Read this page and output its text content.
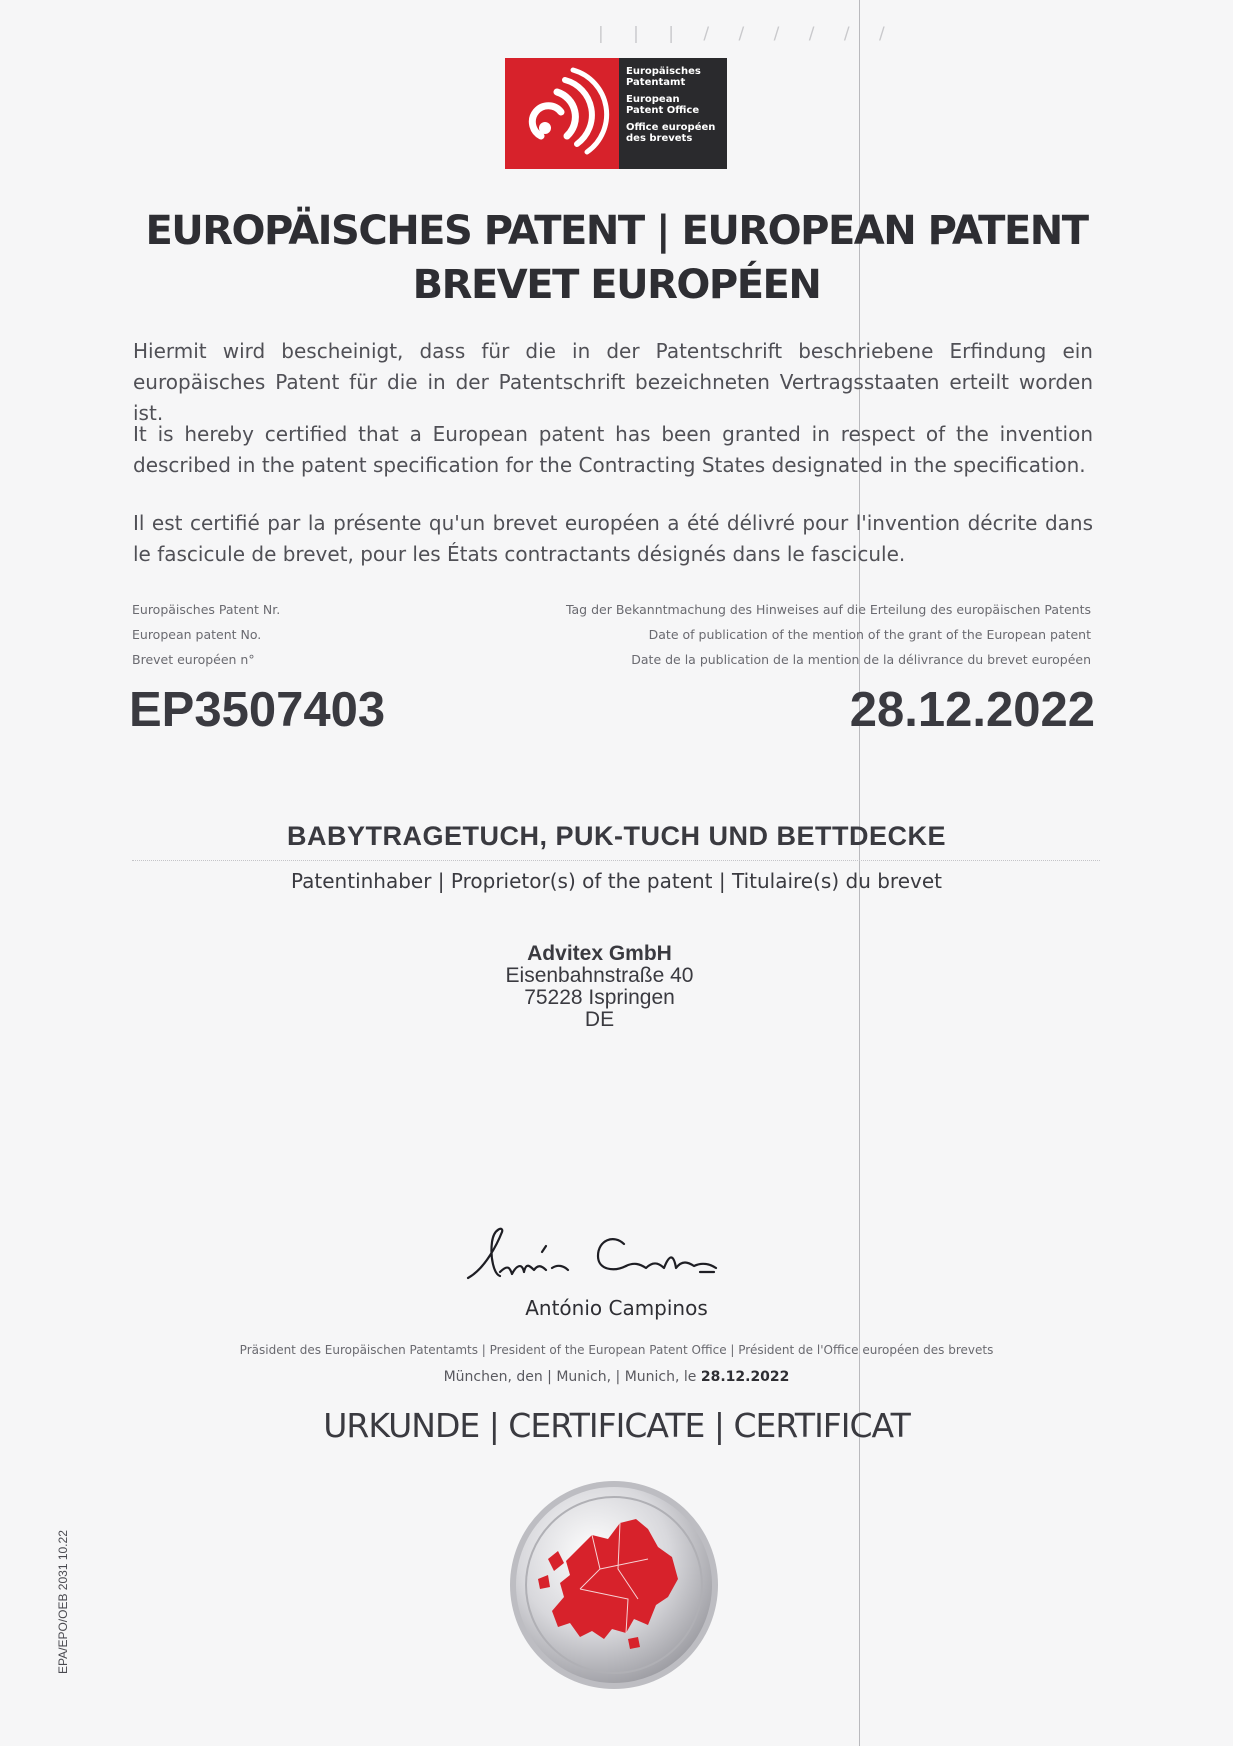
| | | / / / / / /
Europäisches
Patentamt
European
Patent Office
Office européen
des brevets
EUROPÄISCHES PATENT | EUROPEAN PATENT
BREVET EUROPÉEN
Hiermit wird bescheinigt, dass für die in der Patentschrift beschriebene Erfindung ein europäisches Patent für die in der Patentschrift bezeichneten Vertragsstaaten erteilt worden ist.
It is hereby certified that a European patent has been granted in respect of the invention described in the patent specification for the Contracting States designated in the specification.
Il est certifié par la présente qu'un brevet européen a été délivré pour l'invention décrite dans le fascicule de brevet, pour les États contractants désignés dans le fascicule.
Europäisches Patent Nr.
European patent No.
Brevet européen n°
Tag der Bekanntmachung des Hinweises auf die Erteilung des europäischen Patents
Date of publication of the mention of the grant of the European patent
Date de la publication de la mention de la délivrance du brevet européen
EP3507403	28.12.2022
BABYTRAGETUCH, PUK-TUCH UND BETTDECKE
Patentinhaber | Proprietor(s) of the patent | Titulaire(s) du brevet
Advitex GmbH
Eisenbahnstraße 40
75228 Ispringen
DE
António Campinos
Präsident des Europäischen Patentamts | President of the European Patent Office | Président de l'Office européen des brevets
München, den | Munich, | Munich, le 28.12.2022
URKUNDE | CERTIFICATE | CERTIFICAT
EPA/EPO/OEB 2031 10.22
